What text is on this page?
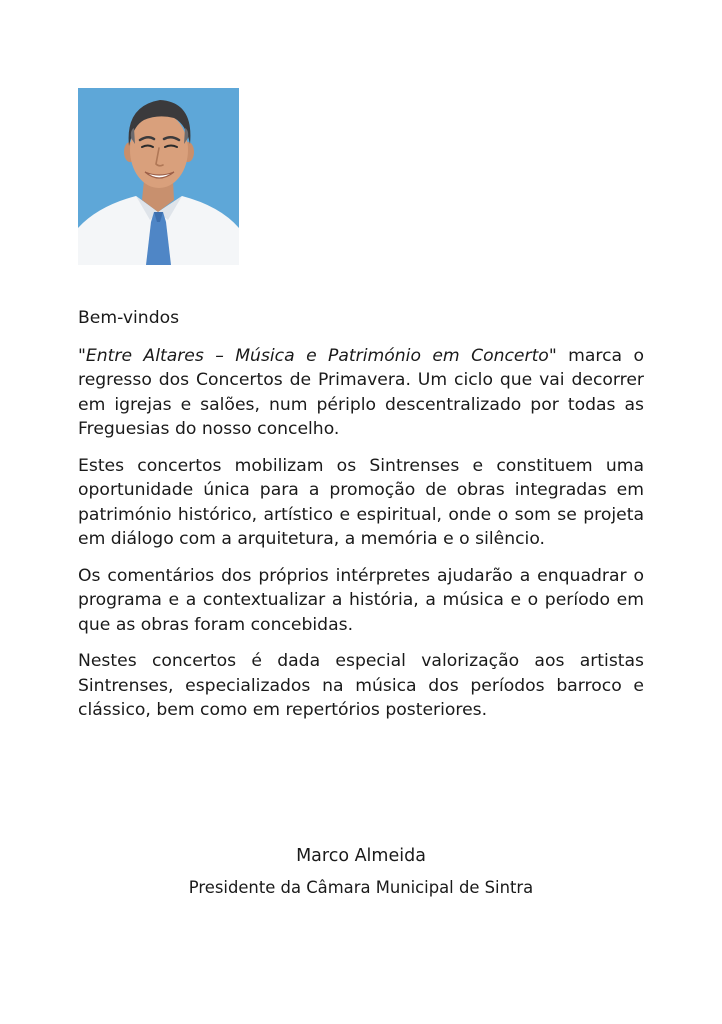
Bem-vindos

"Entre Altares – Música e Património em Concerto" marca o regresso dos Concertos de Primavera. Um ciclo que vai decorrer em igrejas e salões, num périplo descentralizado por todas as Freguesias do nosso concelho.

Estes concertos mobilizam os Sintrenses e constituem uma oportunidade única para a promoção de obras integradas em património histórico, artístico e espiritual, onde o som se projeta em diálogo com a arquitetura, a memória e o silêncio.

Os comentários dos próprios intérpretes ajudarão a enquadrar o programa e a contextualizar a história, a música e o período em que as obras foram concebidas.

Nestes concertos é dada especial valorização aos artistas Sintrenses, especializados na música dos períodos barroco e clássico, bem como em repertórios posteriores.

Marco Almeida
Presidente da Câmara Municipal de Sintra
